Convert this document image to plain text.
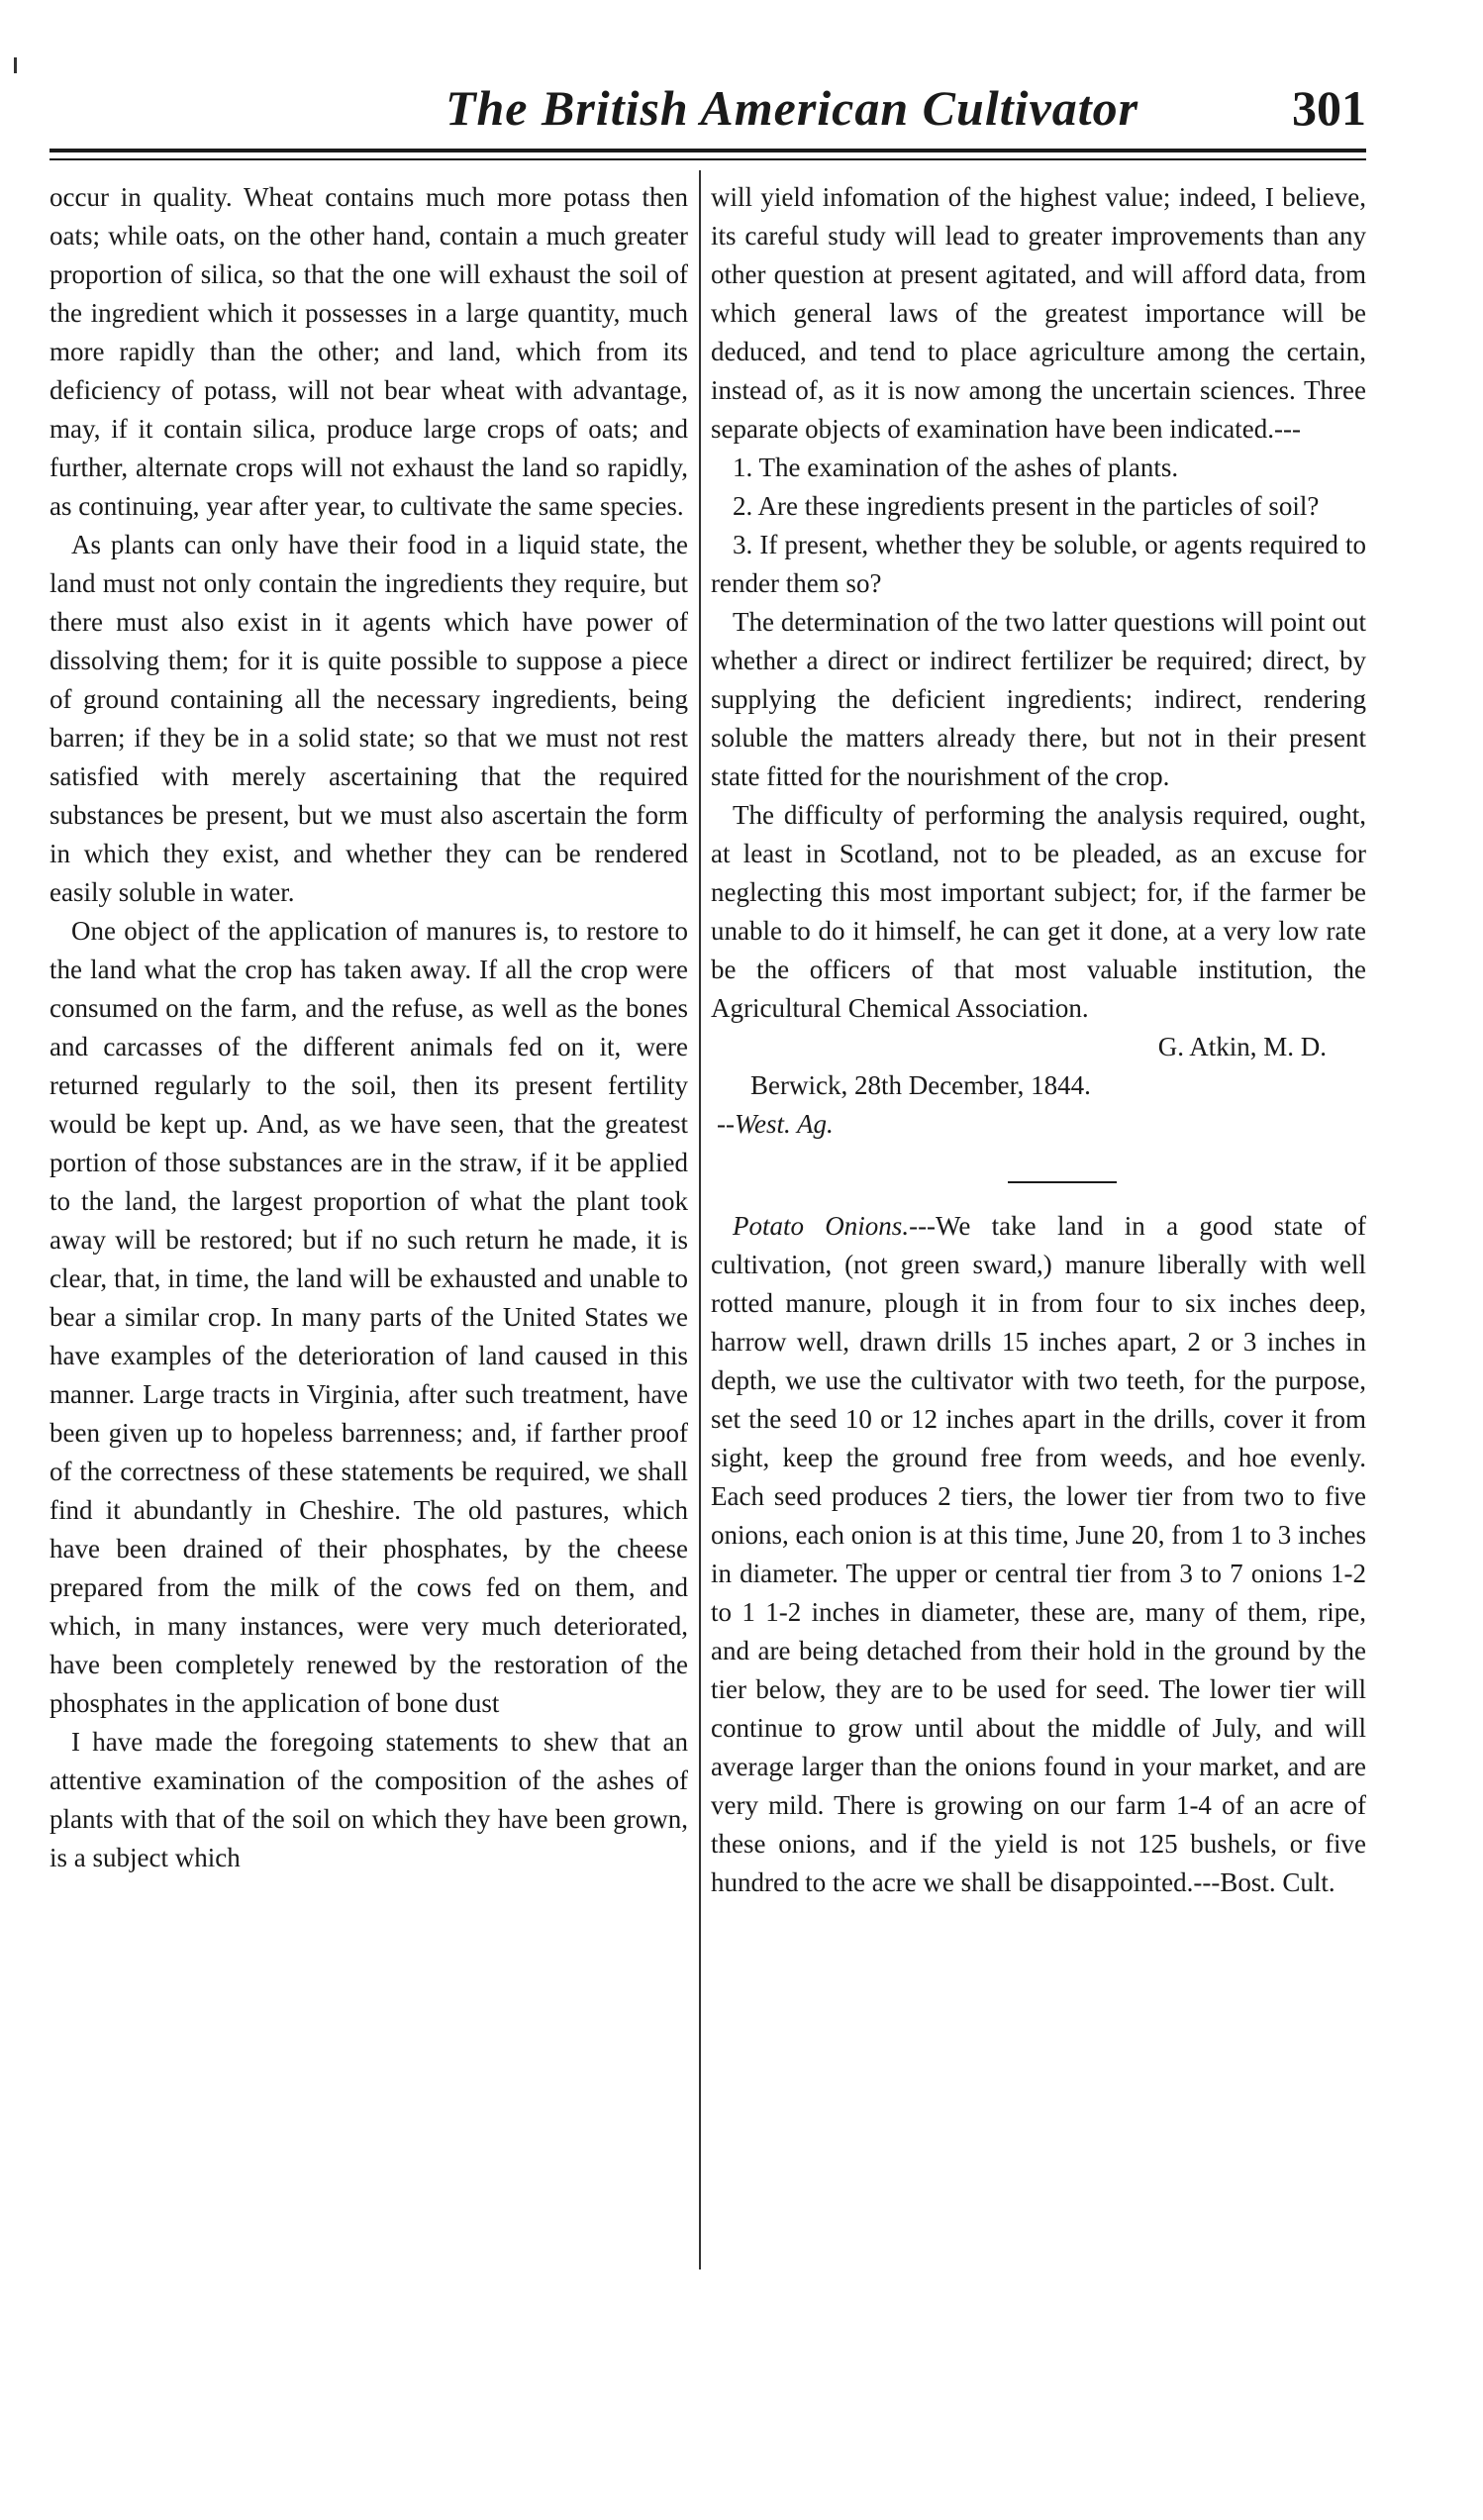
The British American Cultivator	301

occur in quality. Wheat contains much more potass then oats; while oats, on the other hand, contain a much greater proportion of silica, so that the one will exhaust the soil of the ingredient which it possesses in a large quantity, much more rapidly than the other; and land, which from its deficiency of potass, will not bear wheat with advantage, may, if it contain silica, produce large crops of oats; and further, alternate crops will not exhaust the land so rapidly, as continuing, year after year, to cultivate the same species.

As plants can only have their food in a liquid state, the land must not only contain the ingredients they require, but there must also exist in it agents which have power of dissolving them; for it is quite possible to suppose a piece of ground containing all the necessary ingredients, being barren; if they be in a solid state; so that we must not rest satisfied with merely ascertaining that the required substances be present, but we must also ascertain the form in which they exist, and whether they can be rendered easily soluble in water.

One object of the application of manures is, to restore to the land what the crop has taken away. If all the crop were consumed on the farm, and the refuse, as well as the bones and carcasses of the different animals fed on it, were returned regularly to the soil, then its present fertility would be kept up. And, as we have seen, that the greatest portion of those substances are in the straw, if it be applied to the land, the largest proportion of what the plant took away will be restored; but if no such return he made, it is clear, that, in time, the land will be exhausted and unable to bear a similar crop. In many parts of the United States we have examples of the deterioration of land caused in this manner. Large tracts in Virginia, after such treatment, have been given up to hopeless barrenness; and, if farther proof of the correctness of these statements be required, we shall find it abundantly in Cheshire. The old pastures, which have been drained of their phosphates, by the cheese prepared from the milk of the cows fed on them, and which, in many instances, were very much deteriorated, have been completely renewed by the restoration of the phosphates in the application of bone dust

I have made the foregoing statements to shew that an attentive examination of the composition of the ashes of plants with that of the soil on which they have been grown, is a subject which

will yield infomation of the highest value; indeed, I believe, its careful study will lead to greater improvements than any other question at present agitated, and will afford data, from which general laws of the greatest importance will be deduced, and tend to place agriculture among the certain, instead of, as it is now among the uncertain sciences. Three separate objects of examination have been indicated.---

1. The examination of the ashes of plants.

2. Are these ingredients present in the particles of soil?

3. If present, whether they be soluble, or agents required to render them so?

The determination of the two latter questions will point out whether a direct or indirect fertilizer be required; direct, by supplying the deficient ingredients; indirect, rendering soluble the matters already there, but not in their present state fitted for the nourishment of the crop.

The difficulty of performing the analysis required, ought, at least in Scotland, not to be pleaded, as an excuse for neglecting this most important subject; for, if the farmer be unable to do it himself, he can get it done, at a very low rate be the officers of that most valuable institution, the Agricultural Chemical Association.

G. Atkin, M. D.

Berwick, 28th December, 1844.

--West. Ag.

Potato Onions.---We take land in a good state of cultivation, (not green sward,) manure liberally with well rotted manure, plough it in from four to six inches deep, harrow well, drawn drills 15 inches apart, 2 or 3 inches in depth, we use the cultivator with two teeth, for the purpose, set the seed 10 or 12 inches apart in the drills, cover it from sight, keep the ground free from weeds, and hoe evenly. Each seed produces 2 tiers, the lower tier from two to five onions, each onion is at this time, June 20, from 1 to 3 inches in diameter. The upper or central tier from 3 to 7 onions 1-2 to 1 1-2 inches in diameter, these are, many of them, ripe, and are being detached from their hold in the ground by the tier below, they are to be used for seed. The lower tier will continue to grow until about the middle of July, and will average larger than the onions found in your market, and are very mild. There is growing on our farm 1-4 of an acre of these onions, and if the yield is not 125 bushels, or five hundred to the acre we shall be disappointed.---Bost. Cult.
